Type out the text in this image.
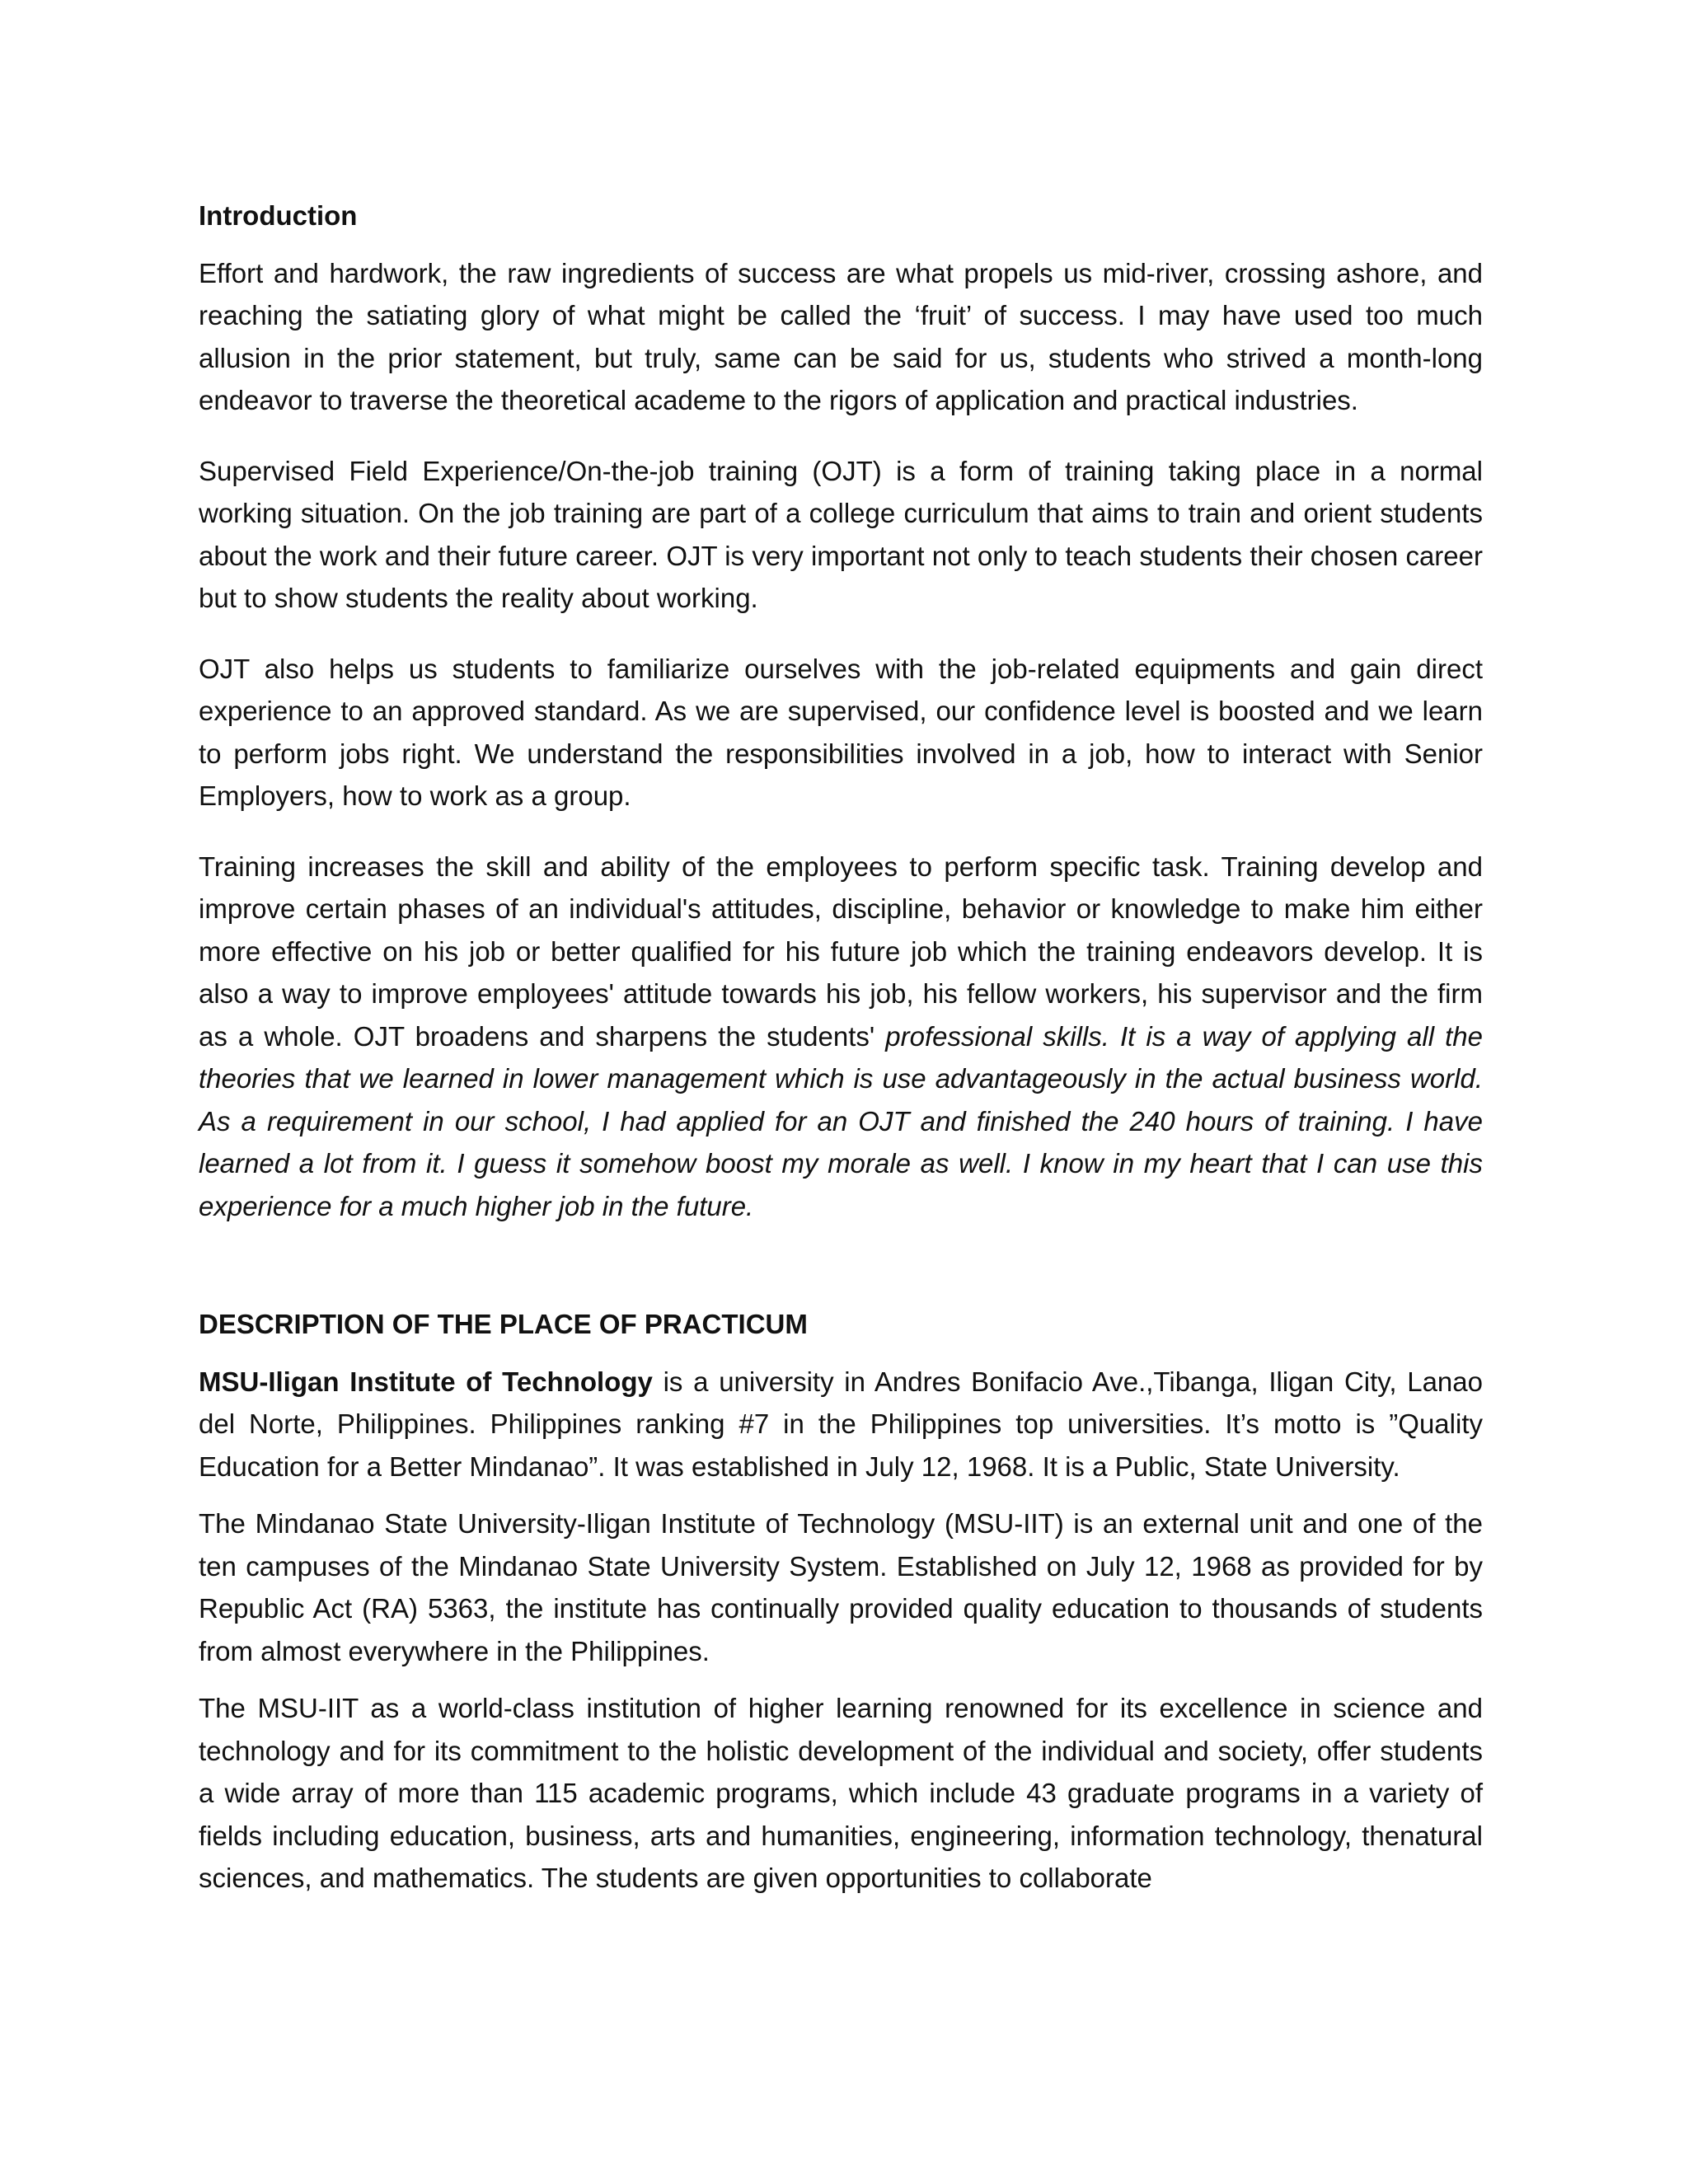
Introduction

Effort and hardwork, the raw ingredients of success are what propels us mid-river, crossing ashore, and reaching the satiating glory of what might be called the ‘fruit’ of success. I may have used too much allusion in the prior statement, but truly, same can be said for us, students who strived a month-long endeavor to traverse the theoretical academe to the rigors of application and practical industries.

Supervised Field Experience/On-the-job training (OJT) is a form of training taking place in a normal working situation. On the job training are part of a college curriculum that aims to train and orient students about the work and their future career. OJT is very important not only to teach students their chosen career but to show students the reality about working.

OJT also helps us students to familiarize ourselves with the job-related equipments and gain direct experience to an approved standard. As we are supervised, our confidence level is boosted and we learn to perform jobs right. We understand the responsibilities involved in a job, how to interact with Senior Employers, how to work as a group.

Training increases the skill and ability of the employees to perform specific task. Training develop and improve certain phases of an individual's attitudes, discipline, behavior or knowledge to make him either more effective on his job or better qualified for his future job which the training endeavors develop. It is also a way to improve employees' attitude towards his job, his fellow workers, his supervisor and the firm as a whole. OJT broadens and sharpens the students' professional skills. It is a way of applying all the theories that we learned in lower management which is use advantageously in the actual business world. As a requirement in our school, I had applied for an OJT and finished the 240 hours of training. I have learned a lot from it. I guess it somehow boost my morale as well. I know in my heart that I can use this experience for a much higher job in the future.

DESCRIPTION OF THE PLACE OF PRACTICUM

MSU-Iligan Institute of Technology is a university in Andres Bonifacio Ave.,Tibanga, Iligan City, Lanao del Norte, Philippines. Philippines ranking #7 in the Philippines top universities. It’s motto is ”Quality Education for a Better Mindanao”. It was established in July 12, 1968. It is a Public, State University.

The Mindanao State University-Iligan Institute of Technology (MSU-IIT) is an external unit and one of the ten campuses of the Mindanao State University System. Established on July 12, 1968 as provided for by Republic Act (RA) 5363, the institute has continually provided quality education to thousands of students from almost everywhere in the Philippines.

The MSU-IIT as a world-class institution of higher learning renowned for its excellence in science and technology and for its commitment to the holistic development of the individual and society, offer students a wide array of more than 115 academic programs, which include 43 graduate programs in a variety of fields including education, business, arts and humanities, engineering, information technology, thenatural sciences, and mathematics. The students are given opportunities to collaborate
